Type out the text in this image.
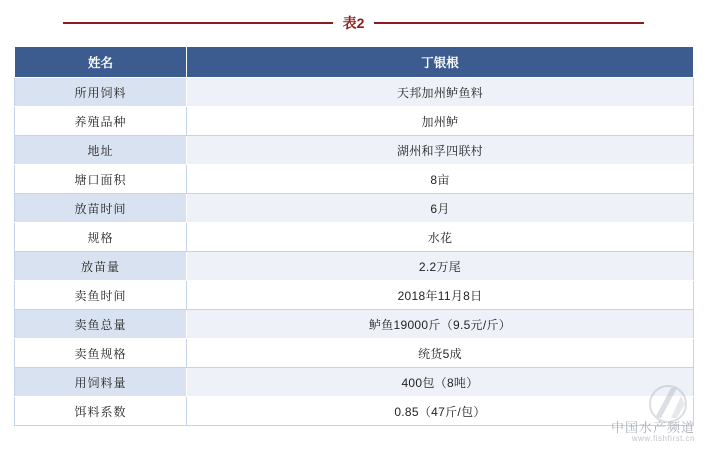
表2
姓名	丁银根
所用饲料	天邦加州鲈鱼料
养殖品种	加州鲈
地址	湖州和孚四联村
塘口面积	8亩
放苗时间	6月
规格	水花
放苗量	2.2万尾
卖鱼时间	2018年11月8日
卖鱼总量	鲈鱼19000斤（9.5元/斤）
卖鱼规格	统货5成
用饲料量	400包（8吨）
饵料系数	0.85（47斤/包）
中国水产频道
www.fishfirst.cn
